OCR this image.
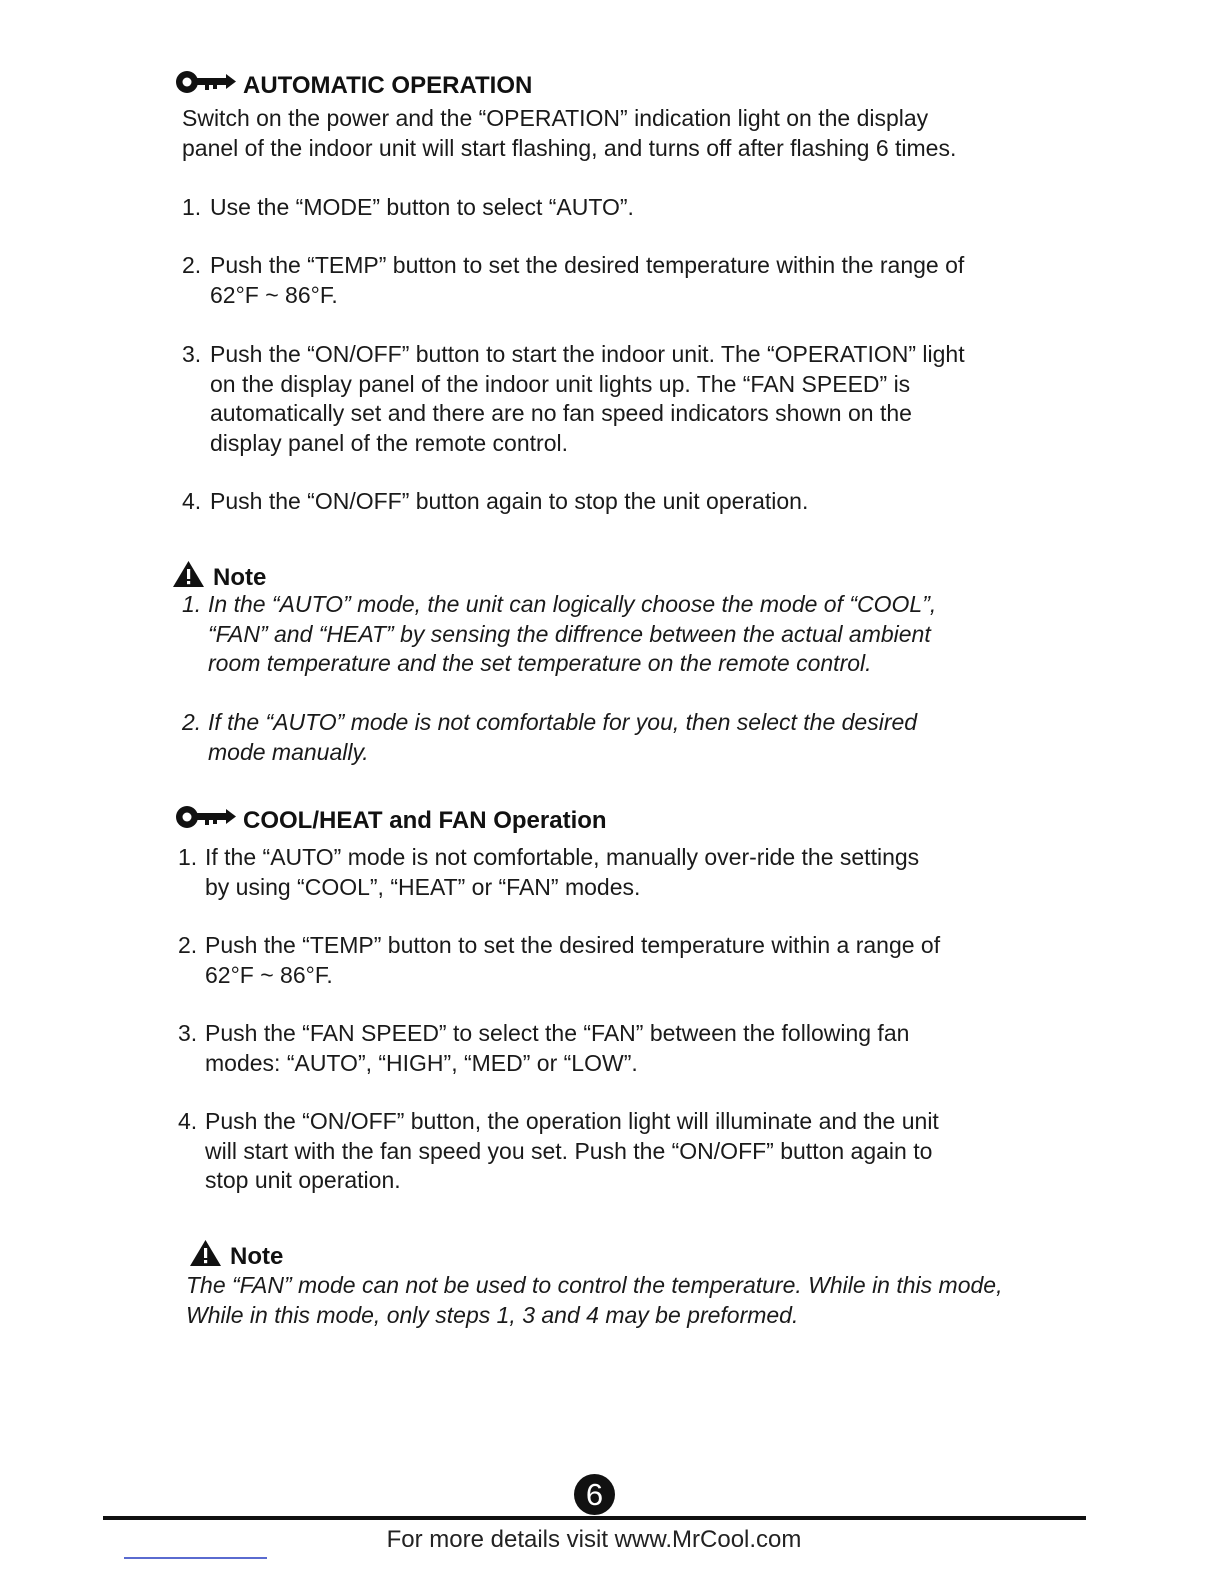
AUTOMATIC OPERATION

Switch on the power and the “OPERATION” indication light on the display

panel of the indoor unit will start flashing, and turns off after flashing 6 times.

1. Use the “MODE” button to select “AUTO”.
2. Push the “TEMP” button to set the desired temperature within the range of
62°F ~ 86°F.
3. Push the “ON/OFF” button to start the indoor unit. The “OPERATION” light
on the display panel of the indoor unit lights up. The “FAN SPEED” is
automatically set and there are no fan speed indicators shown on the
display panel of the remote control.
4. Push the “ON/OFF” button again to stop the unit operation.
Note
1. In the “AUTO” mode, the unit can logically choose the mode of “COOL”,
“FAN” and “HEAT” by sensing the diffrence between the actual ambient
room temperature and the set temperature on the remote control.
2. If the “AUTO” mode is not comfortable for you, then select the desired
mode manually.
COOL/HEAT and FAN Operation
1. If the “AUTO” mode is not comfortable, manually over-ride the settings
by using “COOL”, “HEAT” or “FAN” modes.
2. Push the “TEMP” button to set the desired temperature within a range of
62°F ~ 86°F.
3. Push the “FAN SPEED” to select the “FAN” between the following fan
modes: “AUTO”, “HIGH”, “MED” or “LOW”.
4. Push the “ON/OFF” button, the operation light will illuminate and the unit
will start with the fan speed you set. Push the “ON/OFF” button again to
stop unit operation.
Note

The “FAN” mode can not be used to control the temperature. While in this mode,

While in this mode, only steps 1, 3 and 4 may be preformed.

6
For more details visit www.MrCool.com
